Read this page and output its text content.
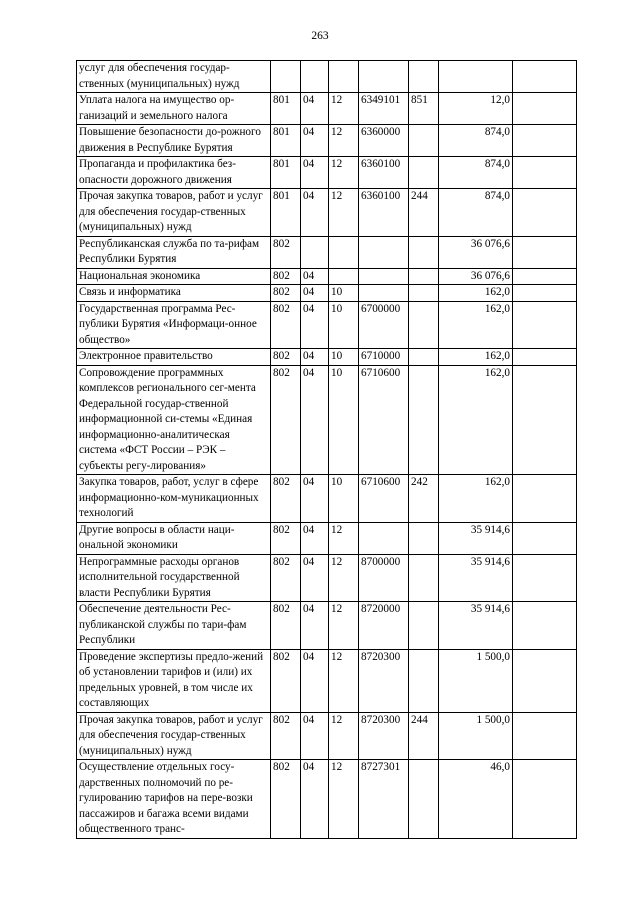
263
услуг для обеспечения государ-ственных (муниципальных) нужд							
Уплата налога на имущество ор-ганизаций и земельного налога	801	04	12	6349101	851	12,0	
Повышение безопасности до-рожного движения в Республике Бурятия	801	04	12	6360000		874,0	
Пропаганда и профилактика без-опасности дорожного движения	801	04	12	6360100		874,0	
Прочая закупка товаров, работ и услуг для обеспечения государ-ственных (муниципальных) нужд	801	04	12	6360100	244	874,0	
Республиканская служба по та-рифам Республики Бурятия	802					36 076,6	
Национальная экономика	802	04				36 076,6	
Связь и информатика	802	04	10			162,0	
Государственная программа Рес-публики Бурятия «Информаци-онное общество»	802	04	10	6700000		162,0	
Электронное правительство	802	04	10	6710000		162,0	
Сопровождение программных комплексов регионального сег-мента Федеральной государ-ственной информационной си-стемы «Единая информационно-аналитическая система «ФСТ России – РЭК – субъекты регу-лирования»	802	04	10	6710600		162,0	
Закупка товаров, работ, услуг в сфере информационно-ком-муникационных технологий	802	04	10	6710600	242	162,0	
Другие вопросы в области наци-ональной экономики	802	04	12			35 914,6	
Непрограммные расходы органов исполнительной государственной власти Республики Бурятия	802	04	12	8700000		35 914,6	
Обеспечение деятельности Рес-публиканской службы по тари-фам Республики	802	04	12	8720000		35 914,6	
Проведение экспертизы предло-жений об установлении тарифов и (или) их предельных уровней, в том числе их составляющих	802	04	12	8720300		1 500,0	
Прочая закупка товаров, работ и услуг для обеспечения государ-ственных (муниципальных) нужд	802	04	12	8720300	244	1 500,0	
Осуществление отдельных госу-дарственных полномочий по ре-гулированию тарифов на пере-возки пассажиров и багажа всеми видами общественного транс-	802	04	12	8727301		46,0	
